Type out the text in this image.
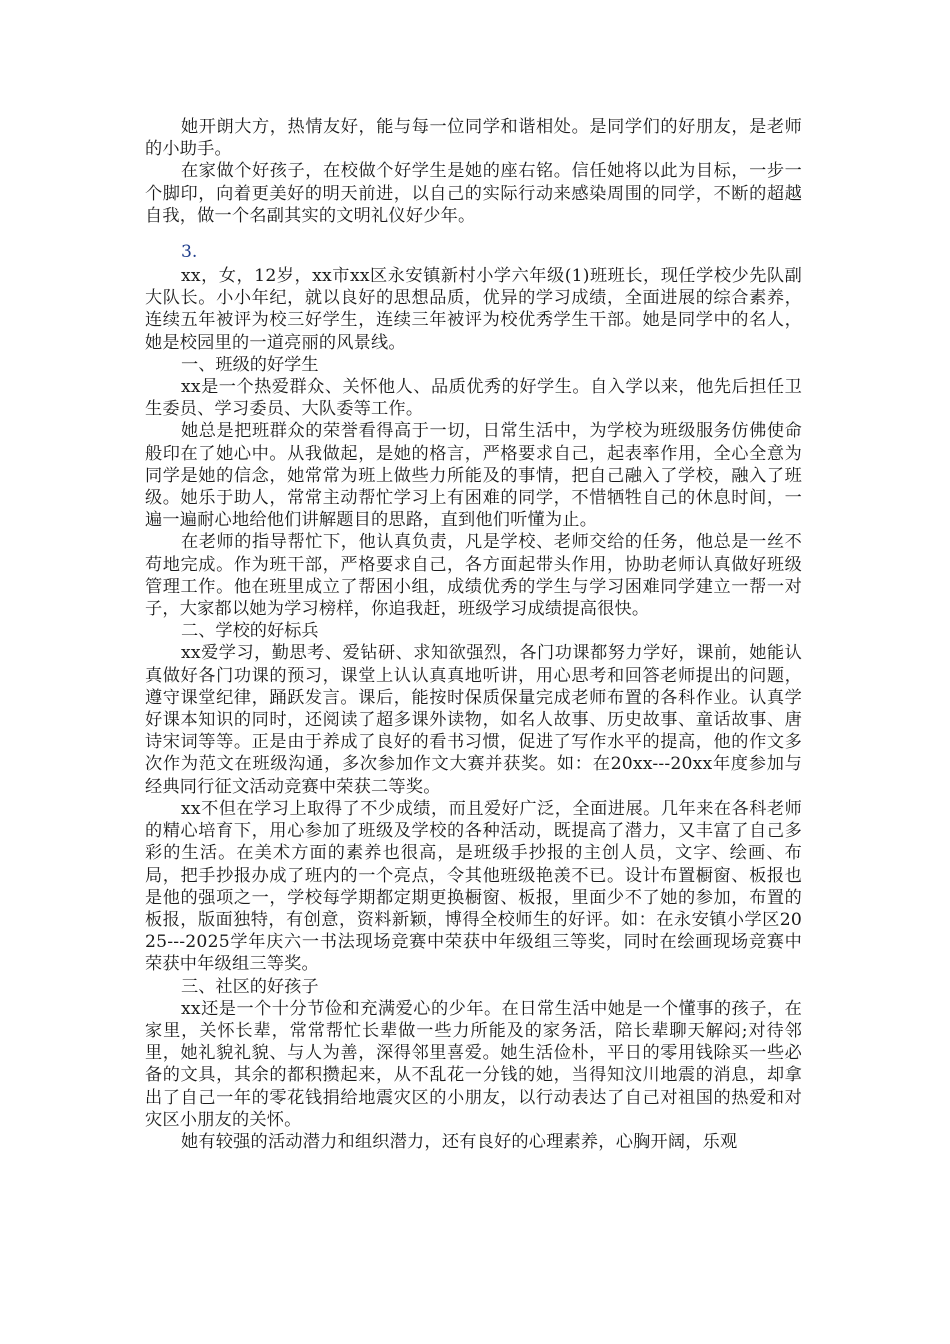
她开朗大方，热情友好，能与每一位同学和谐相处。是同学们的好朋友，是老师的小助手。

在家做个好孩子，在校做个好学生是她的座右铭。信任她将以此为目标，一步一个脚印，向着更美好的明天前进，以自己的实际行动来感染周围的同学，不断的超越自我，做一个名副其实的文明礼仪好少年。

3.

xx，女，12岁，xx市xx区永安镇新村小学六年级(1)班班长，现任学校少先队副大队长。小小年纪，就以良好的思想品质，优异的学习成绩，全面进展的综合素养，连续五年被评为校三好学生，连续三年被评为校优秀学生干部。她是同学中的名人，她是校园里的一道亮丽的风景线。

一、班级的好学生

xx是一个热爱群众、关怀他人、品质优秀的好学生。自入学以来，他先后担任卫生委员、学习委员、大队委等工作。

她总是把班群众的荣誉看得高于一切，日常生活中，为学校为班级服务仿佛使命般印在了她心中。从我做起，是她的格言，严格要求自己，起表率作用，全心全意为同学是她的信念，她常常为班上做些力所能及的事情，把自己融入了学校，融入了班级。她乐于助人，常常主动帮忙学习上有困难的同学，不惜牺牲自己的休息时间，一遍一遍耐心地给他们讲解题目的思路，直到他们听懂为止。

在老师的指导帮忙下，他认真负责，凡是学校、老师交给的任务，他总是一丝不苟地完成。作为班干部，严格要求自己，各方面起带头作用，协助老师认真做好班级管理工作。他在班里成立了帮困小组，成绩优秀的学生与学习困难同学建立一帮一对子，大家都以她为学习榜样，你追我赶，班级学习成绩提高很快。

二、学校的好标兵

xx爱学习，勤思考、爱钻研、求知欲强烈，各门功课都努力学好，课前，她能认真做好各门功课的预习，课堂上认认真真地听讲，用心思考和回答老师提出的问题，遵守课堂纪律，踊跃发言。课后，能按时保质保量完成老师布置的各科作业。认真学好课本知识的同时，还阅读了超多课外读物，如名人故事、历史故事、童话故事、唐诗宋词等等。正是由于养成了良好的看书习惯，促进了写作水平的提高，他的作文多次作为范文在班级沟通，多次参加作文大赛并获奖。如：在20xx---20xx年度参加与经典同行征文活动竞赛中荣获二等奖。

xx不但在学习上取得了不少成绩，而且爱好广泛，全面进展。几年来在各科老师的精心培育下，用心参加了班级及学校的各种活动，既提高了潜力，又丰富了自己多彩的生活。在美术方面的素养也很高，是班级手抄报的主创人员，文字、绘画、布局，把手抄报办成了班内的一个亮点，令其他班级艳羡不已。设计布置橱窗、板报也是他的强项之一，学校每学期都定期更换橱窗、板报，里面少不了她的参加，布置的板报，版面独特，有创意，资料新颖，博得全校师生的好评。如：在永安镇小学区2025---2025学年庆六一书法现场竞赛中荣获中年级组三等奖，同时在绘画现场竞赛中荣获中年级组三等奖。

三、社区的好孩子

xx还是一个十分节俭和充满爱心的少年。在日常生活中她是一个懂事的孩子，在家里，关怀长辈，常常帮忙长辈做一些力所能及的家务活，陪长辈聊天解闷;对待邻里，她礼貌礼貌、与人为善，深得邻里喜爱。她生活俭朴，平日的零用钱除买一些必备的文具，其余的都积攒起来，从不乱花一分钱的她，当得知汶川地震的消息，却拿出了自己一年的零花钱捐给地震灾区的小朋友，以行动表达了自己对祖国的热爱和对灾区小朋友的关怀。

她有较强的活动潜力和组织潜力，还有良好的心理素养，心胸开阔，乐观
